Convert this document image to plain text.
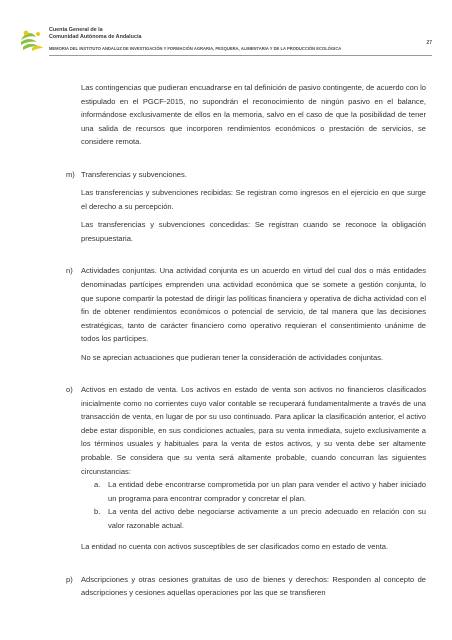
Cuenta General de la
Comunidad Autónoma de Andalucía
27
MEMORIA DEL INSTITUTO ANDALUZ DE INVESTIGACIÓN Y FORMACIÓN AGRARIA, PESQUERA, ALIMENTARIA Y DE LA PRODUCCIÓN ECOLÓGICA

Las contingencias que pudieran encuadrarse en tal definición de pasivo contingente, de acuerdo con lo estipulado en el PGCF-2015, no supondrán el reconocimiento de ningún pasivo en el balance, informándose exclusivamente de ellos en la memoria, salvo en el caso de que la posibilidad de tener una salida de recursos que incorporen rendimientos económicos o prestación de servicios, se considere remota.

m) Transferencias y subvenciones.

Las transferencias y subvenciones recibidas: Se registran como ingresos en el ejercicio en que surge el derecho a su percepción.

Las transferencias y subvenciones concedidas: Se registran cuando se reconoce la obligación presupuestaria.

n)	Actividades conjuntas. Una actividad conjunta es un acuerdo en virtud del cual dos o más entidades denominadas partícipes emprenden una actividad económica que se somete a gestión conjunta, lo que supone compartir la potestad de dirigir las políticas financiera y operativa de dicha actividad con el fin de obtener rendimientos económicos o potencial de servicio, de tal manera que las decisiones estratégicas, tanto de carácter financiero como operativo requieran el consentimiento unánime de todos los partícipes.

No se aprecian actuaciones que pudieran tener la consideración de actividades conjuntas.

o)	Activos en estado de venta. Los activos en estado de venta son activos no financieros clasificados inicialmente como no corrientes cuyo valor contable se recuperará fundamentalmente a través de una transacción de venta, en lugar de por su uso continuado. Para aplicar la clasificación anterior, el activo debe estar disponible, en sus condiciones actuales, para su venta inmediata, sujeto exclusivamente a los términos usuales y habituales para la venta de estos activos, y su venta debe ser altamente probable. Se considera que su venta será altamente probable, cuando concurran las siguientes circunstancias:
a.	La entidad debe encontrarse comprometida por un plan para vender el activo y haber iniciado un programa para encontrar comprador y concretar el plan.
b.	La venta del activo debe negociarse activamente a un precio adecuado en relación con su valor razonable actual.

La entidad no cuenta con activos susceptibles de ser clasificados como en estado de venta.

p)	Adscripciones y otras cesiones gratuitas de uso de bienes y derechos: Responden al concepto de adscripciones y cesiones aquellas operaciones por las que se transfieren
